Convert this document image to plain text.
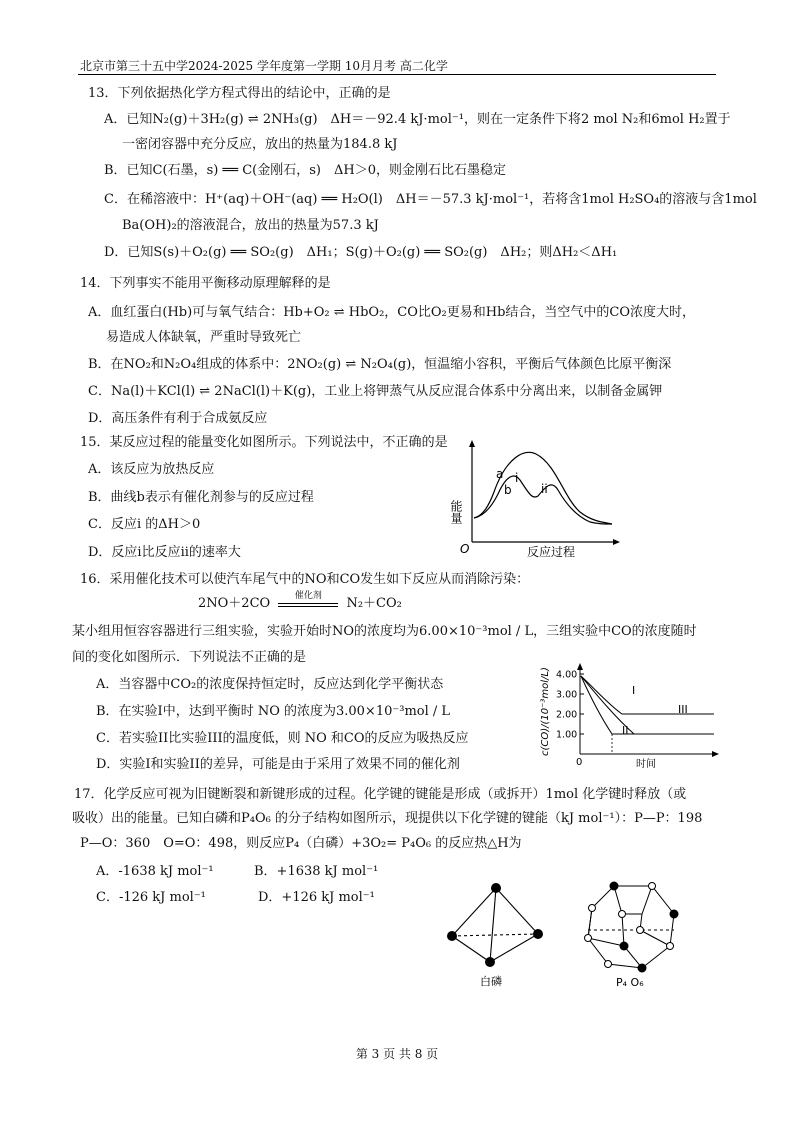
北京市第三十五中学2024-2025 学年度第一学期 10月月考 高二化学
13．下列依据热化学方程式得出的结论中，正确的是
A．已知N₂(g)＋3H₂(g) ⇌ 2NH₃(g)　ΔH＝－92.4 kJ·mol⁻¹，则在一定条件下将2 mol N₂和6mol H₂置于
一密闭容器中充分反应，放出的热量为184.8 kJ
B．已知C(石墨，s) ══ C(金刚石，s)　ΔH＞0，则金刚石比石墨稳定
C．在稀溶液中：H⁺(aq)＋OH⁻(aq) ══ H₂O(l)　ΔH＝－57.3 kJ·mol⁻¹，若将含1mol H₂SO₄的溶液与含1mol
Ba(OH)₂的溶液混合，放出的热量为57.3 kJ
D．已知S(s)＋O₂(g) ══ SO₂(g)　ΔH₁；S(g)＋O₂(g) ══ SO₂(g)　ΔH₂；则ΔH₂＜ΔH₁
14．下列事实不能用平衡移动原理解释的是
A．血红蛋白(Hb)可与氧气结合：Hb+O₂ ⇌ HbO₂，CO比O₂更易和Hb结合，当空气中的CO浓度大时，
易造成人体缺氧，严重时导致死亡
B．在NO₂和N₂O₄组成的体系中：2NO₂(g) ⇌ N₂O₄(g)，恒温缩小容积，平衡后气体颜色比原平衡深
C．Na(l)＋KCl(l) ⇌ 2NaCl(l)＋K(g)，工业上将钾蒸气从反应混合体系中分离出来，以制备金属钾
D．高压条件有利于合成氨反应
15．某反应过程的能量变化如图所示。下列说法中，不正确的是
A．该反应为放热反应
B．曲线b表示有催化剂参与的反应过程
C．反应i 的ΔH＞0
D．反应i比反应ii的速率大
能量
O	反应过程
a
b
i
ii
16．采用催化技术可以使汽车尾气中的NO和CO发生如下反应从而消除污染：
2NO＋2CO	催化剂	N₂＋CO₂
某小组用恒容容器进行三组实验，实验开始时NO的浓度均为6.00×10⁻³mol / L，三组实验中CO的浓度随时
间的变化如图所示．下列说法不正确的是
A．当容器中CO₂的浓度保持恒定时，反应达到化学平衡状态
B．在实验I中，达到平衡时 NO 的浓度为3.00×10⁻³mol / L
C．若实验II比实验III的温度低，则 NO 和CO的反应为吸热反应
D．实验I和实验II的差异，可能是由于采用了效果不同的催化剂
4.00
3.00
2.00
1.00
I
II
III
c(CO)/(10⁻³mol/L)
0	时间
17．化学反应可视为旧键断裂和新键形成的过程。化学键的键能是形成（或拆开）1mol 化学键时释放（或
吸收）出的能量。已知白磷和P₄O₆ 的分子结构如图所示，现提供以下化学键的键能（kJ mol⁻¹）：P—P：198
P—O：360　O=O：498，则反应P₄（白磷）+3O₂= P₄O₆ 的反应热△H为
A．-1638 kJ mol⁻¹	B．+1638 kJ mol⁻¹
C．-126 kJ mol⁻¹	D．+126 kJ mol⁻¹
白磷	P₄ O₆
第 3 页 共 8 页
